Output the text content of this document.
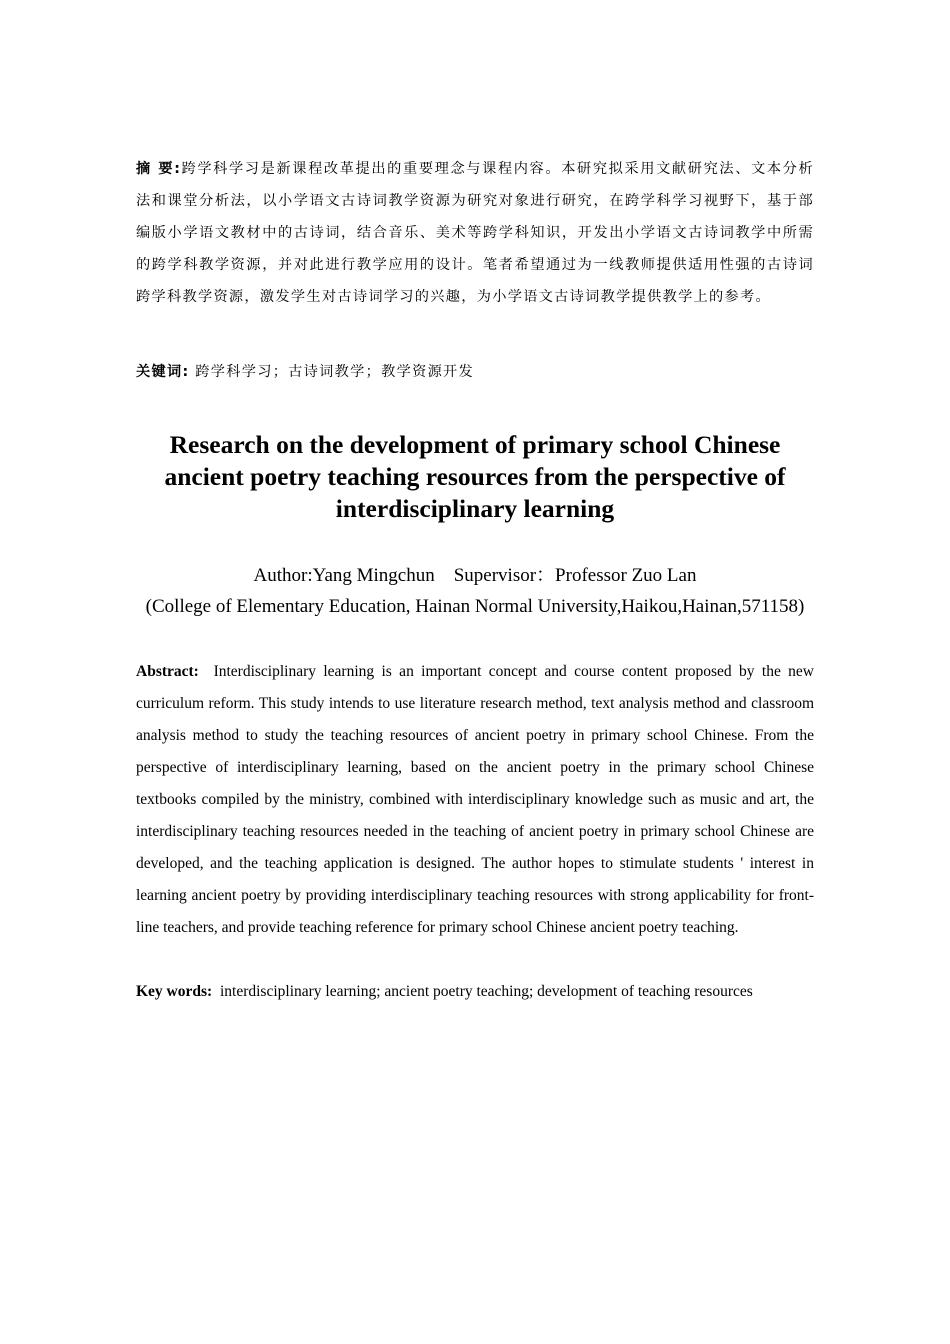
摘 要:跨学科学习是新课程改革提出的重要理念与课程内容。本研究拟采用文献研究法、文本分析法和课堂分析法，以小学语文古诗词教学资源为研究对象进行研究，在跨学科学习视野下，基于部编版小学语文教材中的古诗词，结合音乐、美术等跨学科知识，开发出小学语文古诗词教学中所需的跨学科教学资源，并对此进行教学应用的设计。笔者希望通过为一线教师提供适用性强的古诗词跨学科教学资源，激发学生对古诗词学习的兴趣，为小学语文古诗词教学提供教学上的参考。
关键词: 跨学科学习；古诗词教学；教学资源开发
Research on the development of primary school Chinese ancient poetry teaching resources from the perspective of interdisciplinary learning
Author:Yang Mingchun    Supervisor：Professor Zuo Lan
(College of Elementary Education, Hainan Normal University,Haikou,Hainan,571158)
Abstract: Interdisciplinary learning is an important concept and course content proposed by the new curriculum reform. This study intends to use literature research method, text analysis method and classroom analysis method to study the teaching resources of ancient poetry in primary school Chinese. From the perspective of interdisciplinary learning, based on the ancient poetry in the primary school Chinese textbooks compiled by the ministry, combined with interdisciplinary knowledge such as music and art, the interdisciplinary teaching resources needed in the teaching of ancient poetry in primary school Chinese are developed, and the teaching application is designed. The author hopes to stimulate students ' interest in learning ancient poetry by providing interdisciplinary teaching resources with strong applicability for front-line teachers, and provide teaching reference for primary school Chinese ancient poetry teaching.
Key words: interdisciplinary learning; ancient poetry teaching; development of teaching resources
